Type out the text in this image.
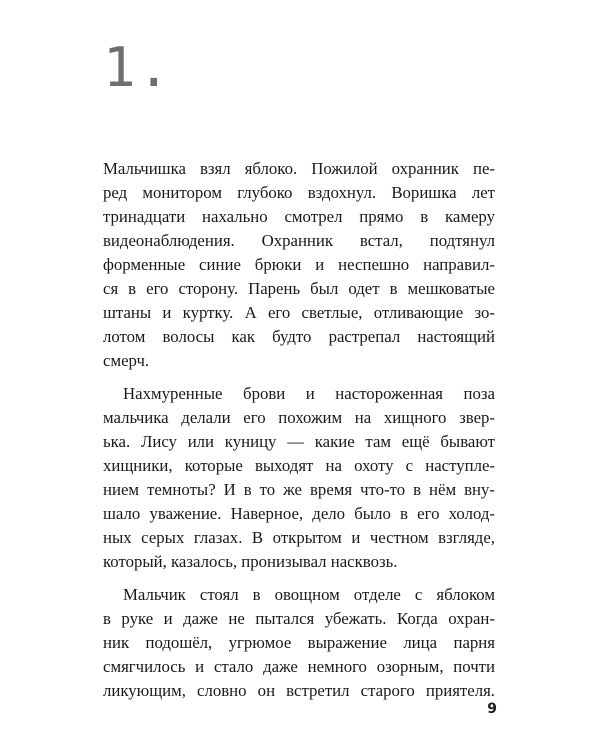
1.
Мальчишка взял яблоко. Пожилой охранник пе-
ред монитором глубоко вздохнул. Воришка лет
тринадцати нахально смотрел прямо в камеру
видеонаблюдения. Охранник встал, подтянул
форменные синие брюки и неспешно направил-
ся в его сторону. Парень был одет в мешковатые
штаны и куртку. А его светлые, отливающие зо-
лотом волосы как будто растрепал настоящий
смерч.
Нахмуренные брови и настороженная поза
мальчика делали его похожим на хищного звер-
ька. Лису или куницу — какие там ещё бывают
хищники, которые выходят на охоту с наступле-
нием темноты? И в то же время что-то в нём вну-
шало уважение. Наверное, дело было в его холод-
ных серых глазах. В открытом и честном взгляде,
который, казалось, пронизывал насквозь.
Мальчик стоял в овощном отделе с яблоком
в руке и даже не пытался убежать. Когда охран-
ник подошёл, угрюмое выражение лица парня
смягчилось и стало даже немного озорным, почти
ликующим, словно он встретил старого приятеля.
9
